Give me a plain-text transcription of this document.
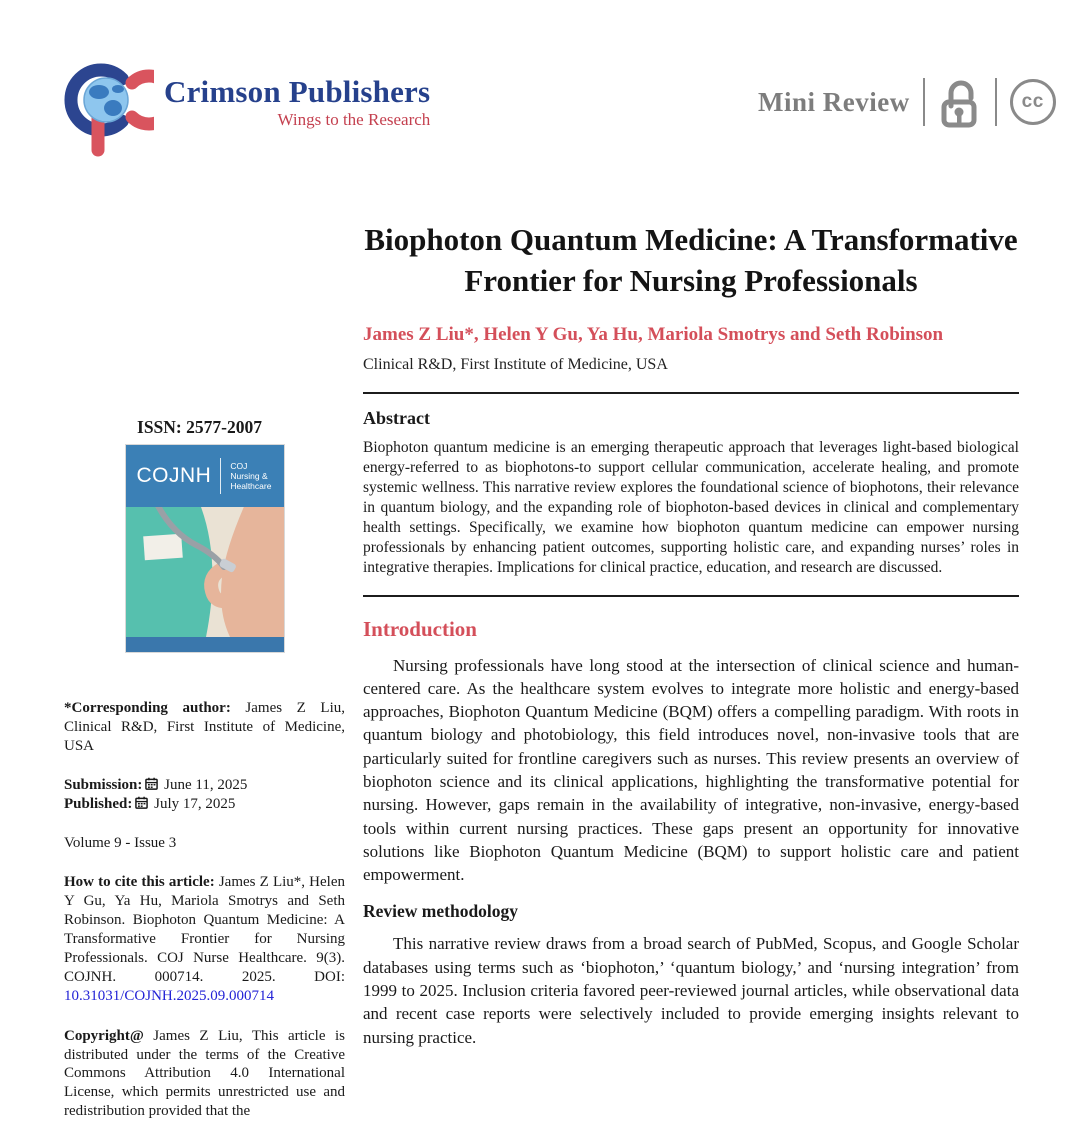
Crimson Publishers
Wings to the Research
Mini Review	cc
ISSN: 2577-2007
COJNH COJ
Nursing &
Healthcare

*Corresponding author: James Z Liu, Clinical R&D, First Institute of Medicine, USA

Submission: June 11, 2025
Published: July 17, 2025
Volume 9 - Issue 3

How to cite this article: James Z Liu*, Helen Y Gu, Ya Hu, Mariola Smotrys and Seth Robinson. Biophoton Quantum Medicine: A Transformative Frontier for Nursing Professionals. COJ Nurse Healthcare. 9(3). COJNH. 000714. 2025. DOI: 10.31031/COJNH.2025.09.000714

Copyright@ James Z Liu, This article is distributed under the terms of the Creative Commons Attribution 4.0 International License, which permits unrestricted use and redistribution provided that the

Biophoton Quantum Medicine: A Transformative Frontier for Nursing Professionals
James Z Liu*, Helen Y Gu, Ya Hu, Mariola Smotrys and Seth Robinson
Clinical R&D, First Institute of Medicine, USA
Abstract

Biophoton quantum medicine is an emerging therapeutic approach that leverages light-based biological energy-referred to as biophotons-to support cellular communication, accelerate healing, and promote systemic wellness. This narrative review explores the foundational science of biophotons, their relevance in quantum biology, and the expanding role of biophoton-based devices in clinical and complementary health settings. Specifically, we examine how biophoton quantum medicine can empower nursing professionals by enhancing patient outcomes, supporting holistic care, and expanding nurses’ roles in integrative therapies. Implications for clinical practice, education, and research are discussed.

Introduction

Nursing professionals have long stood at the intersection of clinical science and human-centered care. As the healthcare system evolves to integrate more holistic and energy-based approaches, Biophoton Quantum Medicine (BQM) offers a compelling paradigm. With roots in quantum biology and photobiology, this field introduces novel, non-invasive tools that are particularly suited for frontline caregivers such as nurses. This review presents an overview of biophoton science and its clinical applications, highlighting the transformative potential for nursing. However, gaps remain in the availability of integrative, non-invasive, energy-based tools within current nursing practices. These gaps present an opportunity for innovative solutions like Biophoton Quantum Medicine (BQM) to support holistic care and patient empowerment.

Review methodology

This narrative review draws from a broad search of PubMed, Scopus, and Google Scholar databases using terms such as ‘biophoton,’ ‘quantum biology,’ and ‘nursing integration’ from 1999 to 2025. Inclusion criteria favored peer-reviewed journal articles, while observational data and recent case reports were selectively included to provide emerging insights relevant to nursing practice.
